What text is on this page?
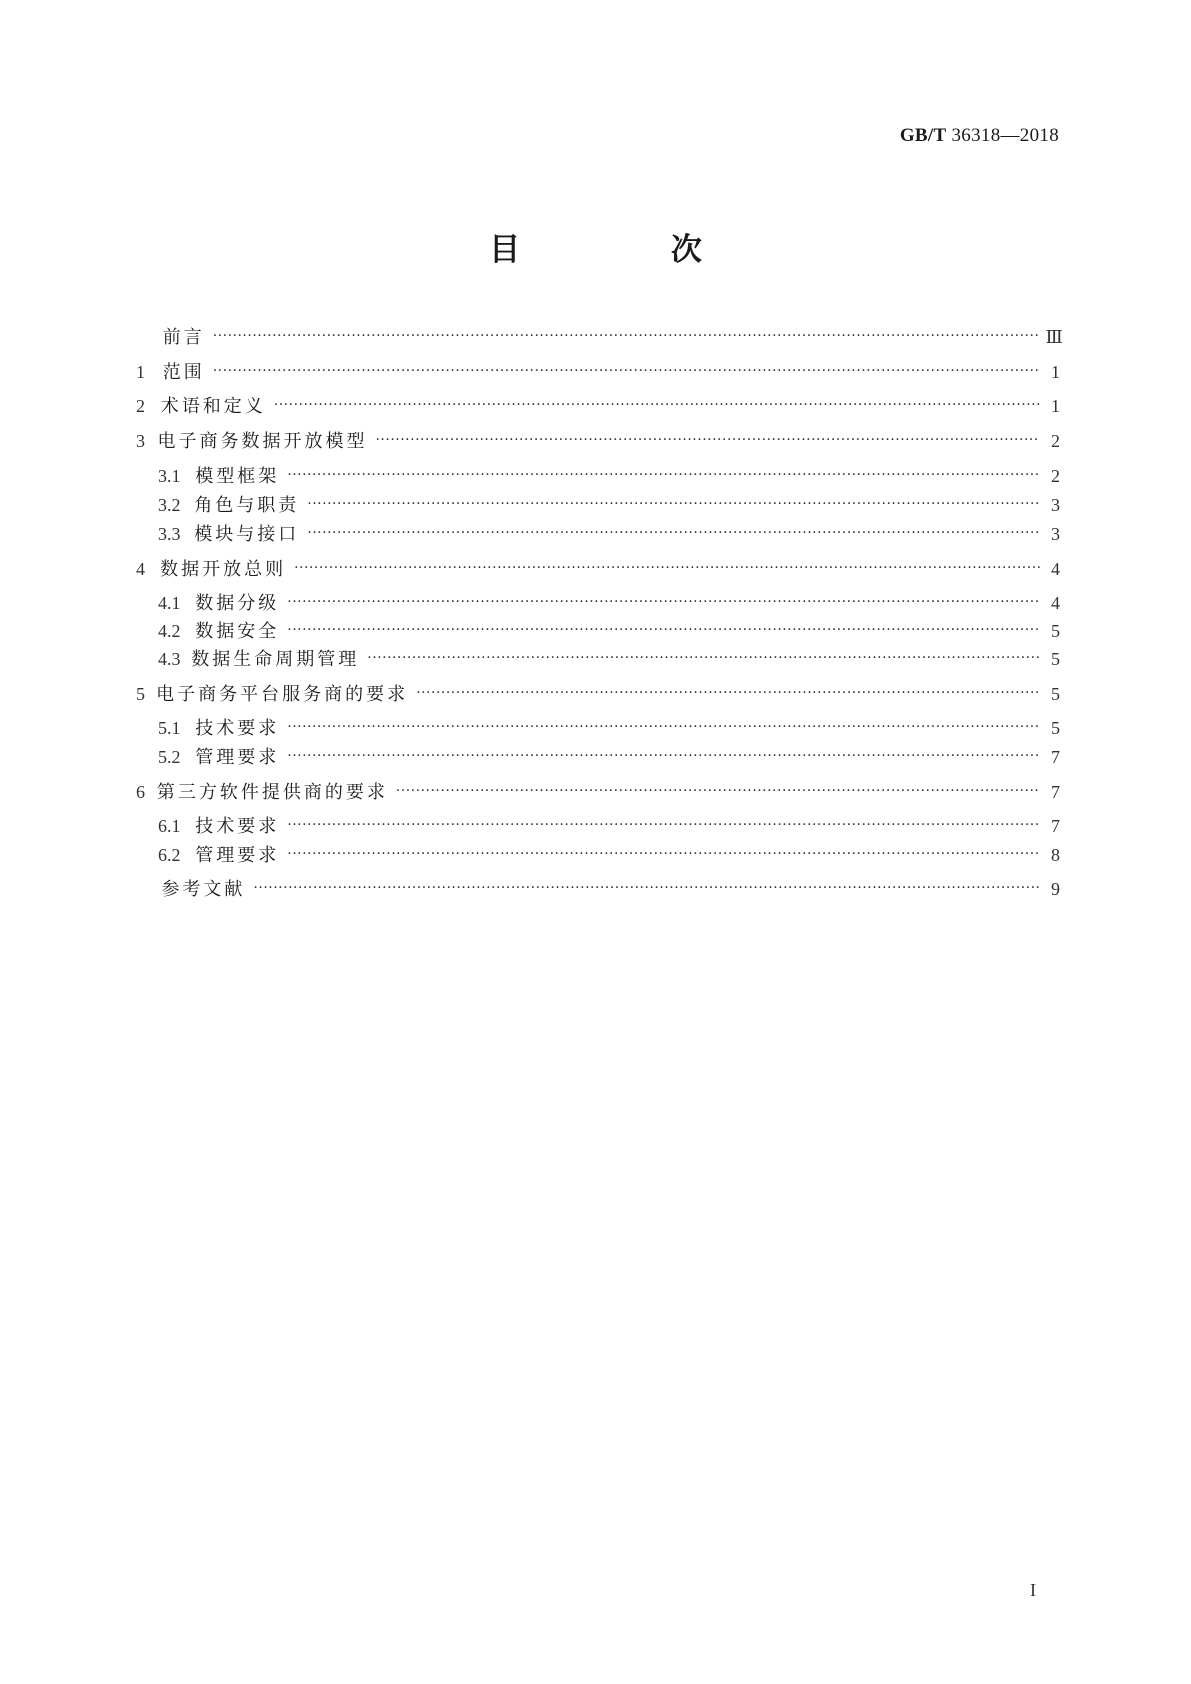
GB/T 36318—2018
目 次
前言 ·····	Ⅲ
1 范围 ·····	1
2 术语和定义 ·····	1
3 电子商务数据开放模型 ·····	2
3.1 模型框架 ·····	2
3.2 角色与职责 ·····	3
3.3 模块与接口 ·····	3
4 数据开放总则 ·····	4
4.1 数据分级 ·····	4
4.2 数据安全 ·····	5
4.3 数据生命周期管理 ·····	5
5 电子商务平台服务商的要求 ·····	5
5.1 技术要求 ·····	5
5.2 管理要求 ·····	7
6 第三方软件提供商的要求 ·····	7
6.1 技术要求 ·····	7
6.2 管理要求 ·····	8
参考文献 ·····	9
I
